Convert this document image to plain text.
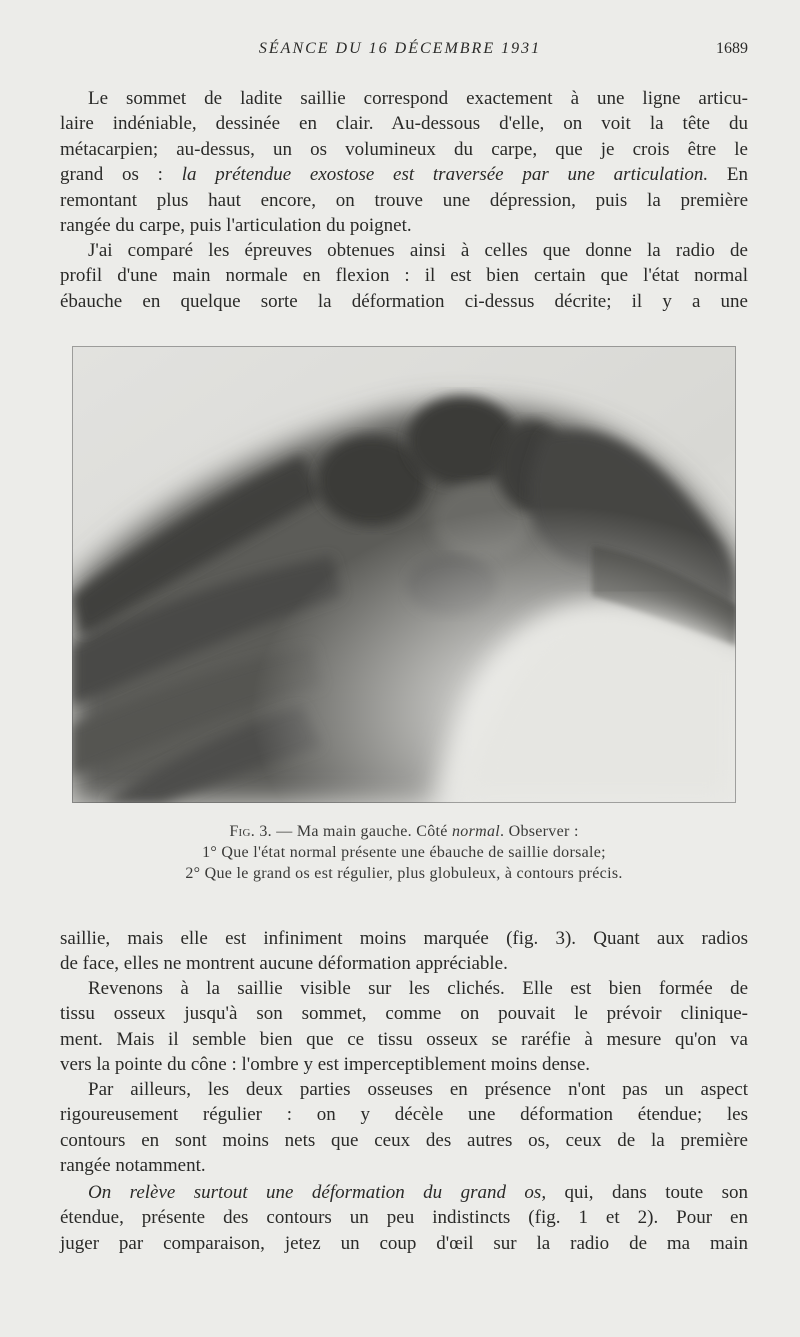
SÉANCE DU 16 DÉCEMBRE 1931	1689
Le sommet de ladite saillie correspond exactement à une ligne articu-
laire indéniable, dessinée en clair. Au-dessous d'elle, on voit la tête du
métacarpien; au-dessus, un os volumineux du carpe, que je crois être le
grand os : la prétendue exostose est traversée par une articulation. En
remontant plus haut encore, on trouve une dépression, puis la première
rangée du carpe, puis l'articulation du poignet.
J'ai comparé les épreuves obtenues ainsi à celles que donne la radio de
profil d'une main normale en flexion : il est bien certain que l'état normal
ébauche en quelque sorte la déformation ci-dessus décrite; il y a une
Fig. 3. — Ma main gauche. Côté normal. Observer :
1° Que l'état normal présente une ébauche de saillie dorsale;
2° Que le grand os est régulier, plus globuleux, à contours précis.
saillie, mais elle est infiniment moins marquée (fig. 3). Quant aux radios
de face, elles ne montrent aucune déformation appréciable.
Revenons à la saillie visible sur les clichés. Elle est bien formée de
tissu osseux jusqu'à son sommet, comme on pouvait le prévoir clinique-
ment. Mais il semble bien que ce tissu osseux se raréfie à mesure qu'on va
vers la pointe du cône : l'ombre y est imperceptiblement moins dense.
Par ailleurs, les deux parties osseuses en présence n'ont pas un aspect
rigoureusement régulier : on y décèle une déformation étendue; les
contours en sont moins nets que ceux des autres os, ceux de la première
rangée notamment.
On relève surtout une déformation du grand os, qui, dans toute son
étendue, présente des contours un peu indistincts (fig. 1 et 2). Pour en
juger par comparaison, jetez un coup d'œil sur la radio de ma main
